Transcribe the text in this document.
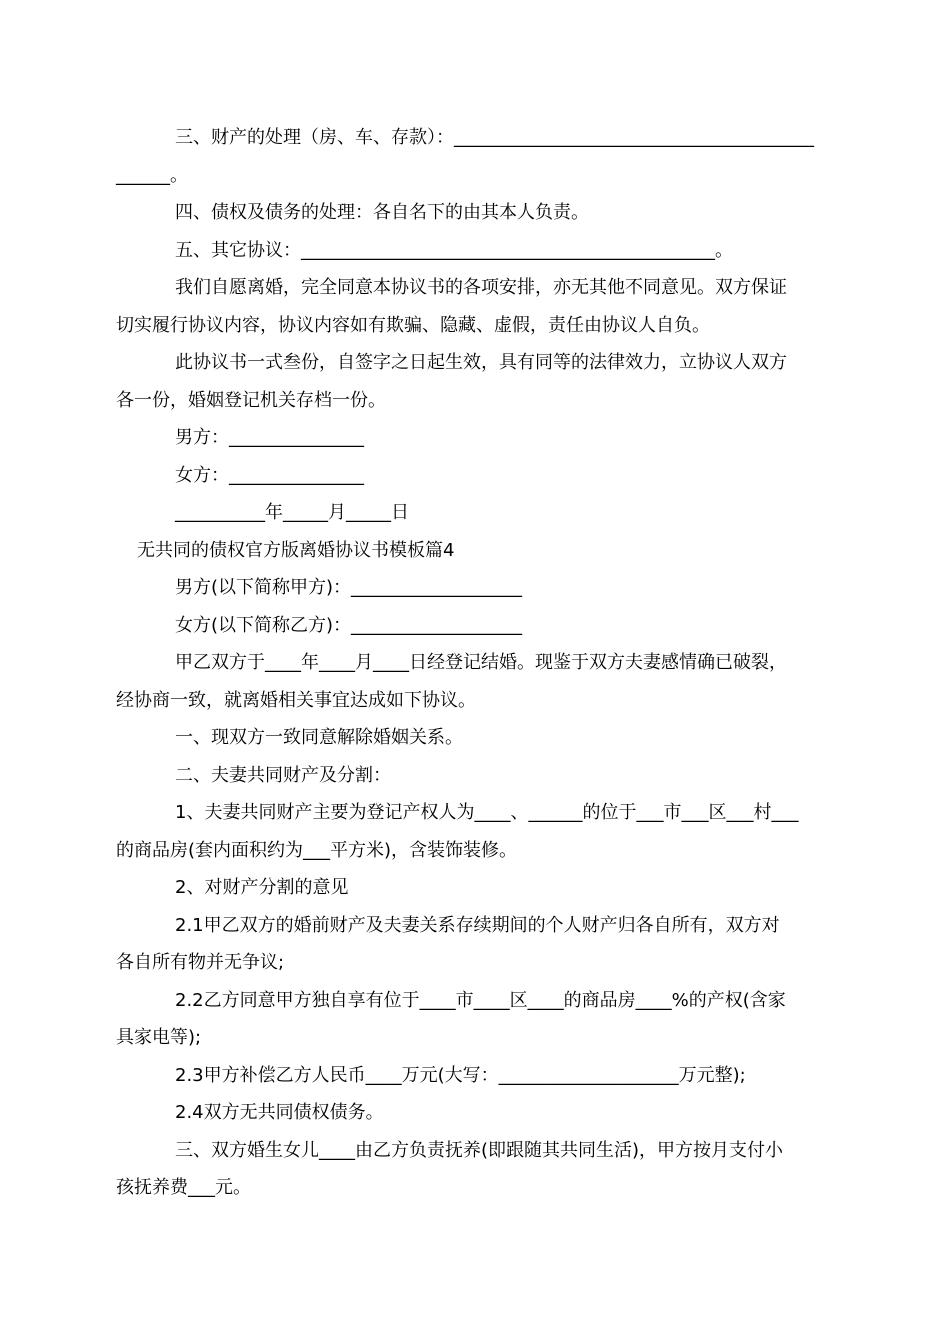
三、财产的处理（房、车、存款）：________________________________________
______。
四、债权及债务的处理：各自名下的由其本人负责。
五、其它协议：______________________________________________。
我们自愿离婚，完全同意本协议书的各项安排，亦无其他不同意见。双方保证
切实履行协议内容，协议内容如有欺骗、隐藏、虚假，责任由协议人自负。
此协议书一式叁份，自签字之日起生效，具有同等的法律效力，立协议人双方
各一份，婚姻登记机关存档一份。
男方：_______________
女方：_______________
__________年_____月_____日
无共同的债权官方版离婚协议书模板篇4
男方(以下简称甲方)：___________________
女方(以下简称乙方)：___________________
甲乙双方于____年____月____日经登记结婚。现鉴于双方夫妻感情确已破裂，
经协商一致，就离婚相关事宜达成如下协议。
一、现双方一致同意解除婚姻关系。
二、夫妻共同财产及分割：
1、夫妻共同财产主要为登记产权人为____、______的位于___市___区___村___
的商品房(套内面积约为___平方米)，含装饰装修。
2、对财产分割的意见
2.1甲乙双方的婚前财产及夫妻关系存续期间的个人财产归各自所有，双方对
各自所有物并无争议;
2.2乙方同意甲方独自享有位于____市____区____的商品房____%的产权(含家
具家电等);
2.3甲方补偿乙方人民币____万元(大写：____________________万元整);
2.4双方无共同债权债务。
三、双方婚生女儿____由乙方负责抚养(即跟随其共同生活)，甲方按月支付小
孩抚养费___元。
